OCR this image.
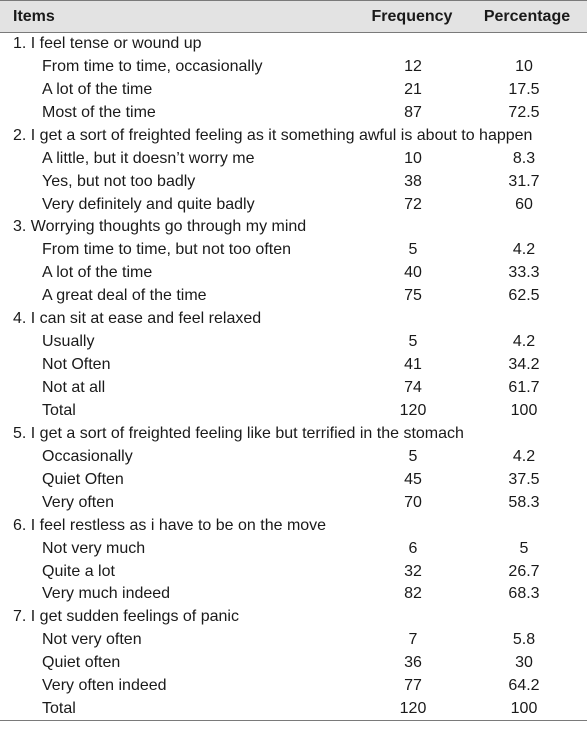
Items	Frequency	Percentage
1. I feel tense or wound up		
From time to time, occasionally	12	10
A lot of the time	21	17.5
Most of the time	87	72.5
2. I get a sort of freighted feeling as it something awful is about to happen		
A little, but it doesn’t worry me	10	8.3
Yes, but not too badly	38	31.7
Very definitely and quite badly	72	60
3. Worrying thoughts go through my mind		
From time to time, but not too often	5	4.2
A lot of the time	40	33.3
A great deal of the time	75	62.5
4. I can sit at ease and feel relaxed		
Usually	5	4.2
Not Often	41	34.2
Not at all	74	61.7
Total	120	100
5. I get a sort of freighted feeling like but terrified in the stomach		
Occasionally	5	4.2
Quiet Often	45	37.5
Very often	70	58.3
6. I feel restless as i have to be on the move		
Not very much	6	5
Quite a lot	32	26.7
Very much indeed	82	68.3
7. I get sudden feelings of panic		
Not very often	7	5.8
Quiet often	36	30
Very often indeed	77	64.2
Total	120	100
